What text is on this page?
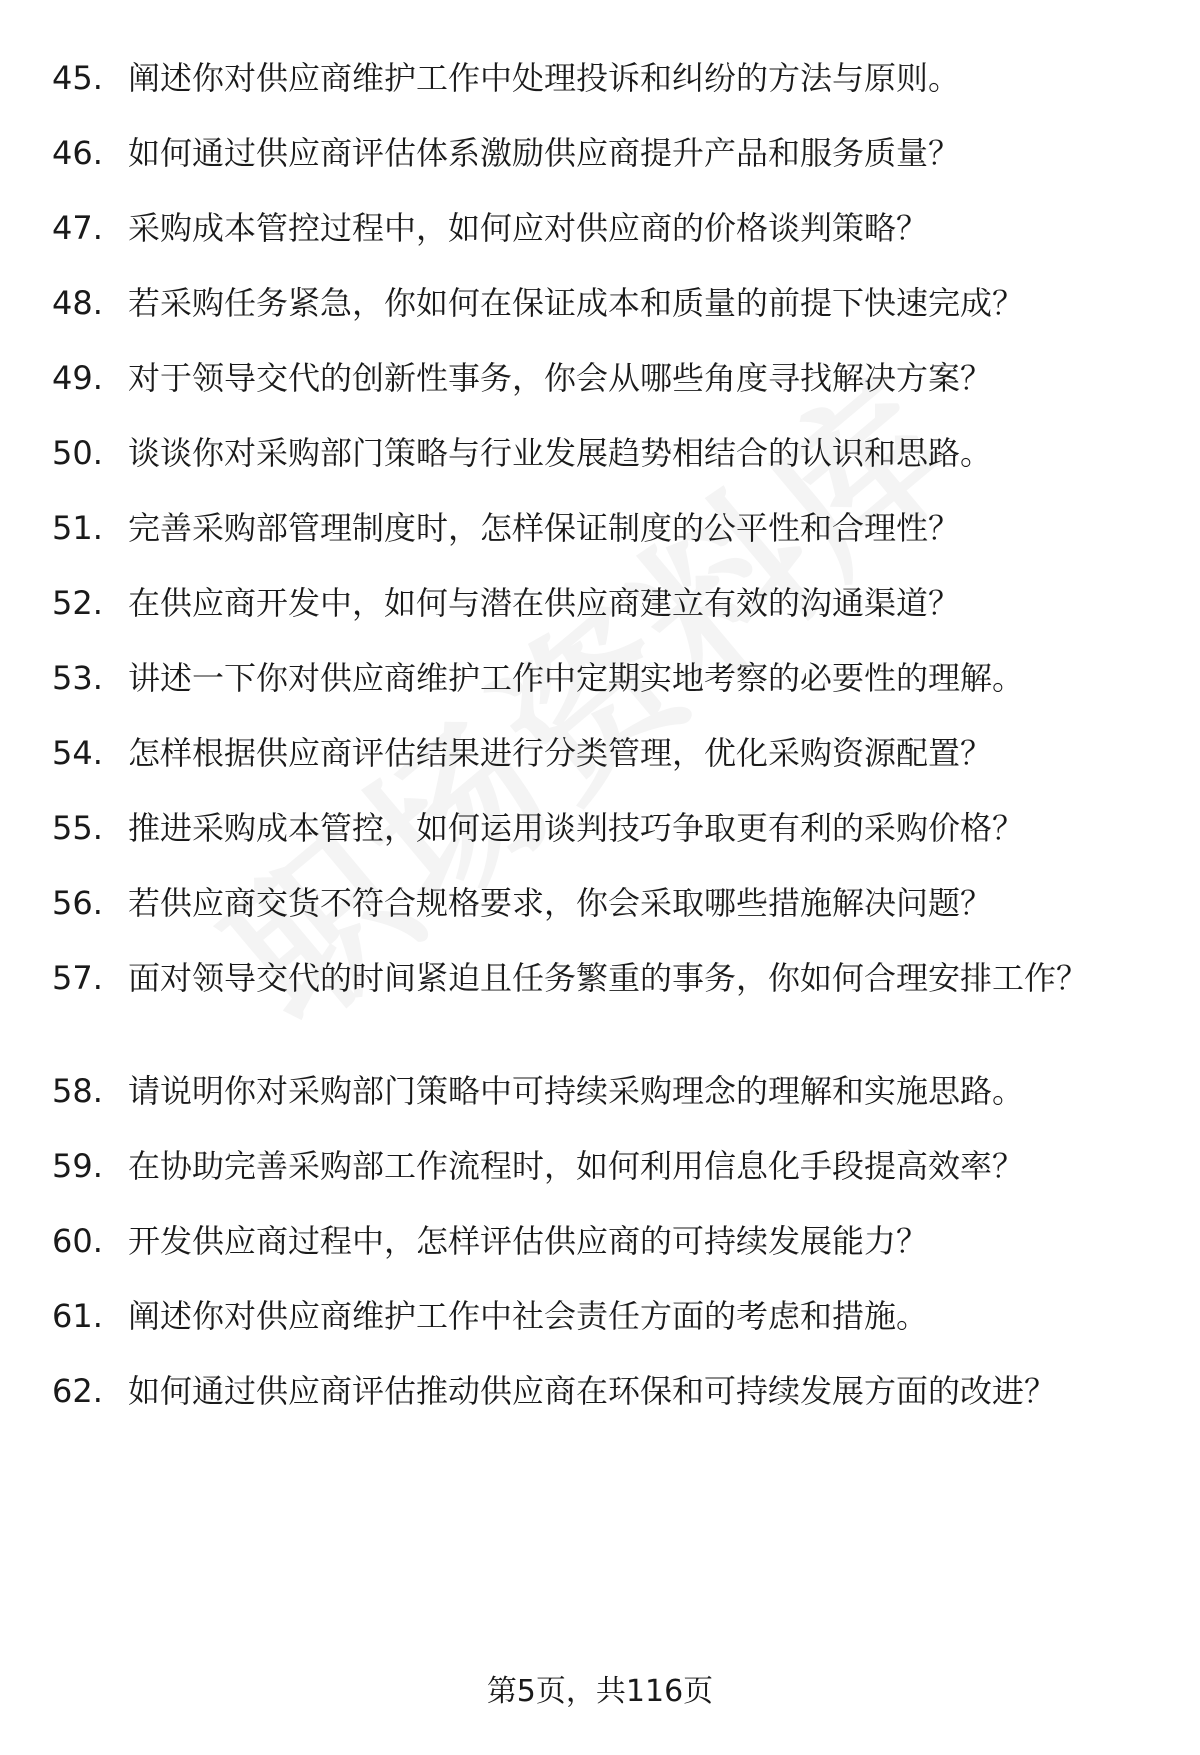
45. 阐述你对供应商维护工作中处理投诉和纠纷的方法与原则。
46. 如何通过供应商评估体系激励供应商提升产品和服务质量？
47. 采购成本管控过程中，如何应对供应商的价格谈判策略？
48. 若采购任务紧急，你如何在保证成本和质量的前提下快速完成？
49. 对于领导交代的创新性事务，你会从哪些角度寻找解决方案？
50. 谈谈你对采购部门策略与行业发展趋势相结合的认识和思路。
51. 完善采购部管理制度时，怎样保证制度的公平性和合理性？
52. 在供应商开发中，如何与潜在供应商建立有效的沟通渠道？
53. 讲述一下你对供应商维护工作中定期实地考察的必要性的理解。
54. 怎样根据供应商评估结果进行分类管理，优化采购资源配置？
55. 推进采购成本管控，如何运用谈判技巧争取更有利的采购价格？
56. 若供应商交货不符合规格要求，你会采取哪些措施解决问题？
57. 面对领导交代的时间紧迫且任务繁重的事务，你如何合理安排工作？
58. 请说明你对采购部门策略中可持续采购理念的理解和实施思路。
59. 在协助完善采购部工作流程时，如何利用信息化手段提高效率？
60. 开发供应商过程中，怎样评估供应商的可持续发展能力？
61. 阐述你对供应商维护工作中社会责任方面的考虑和措施。
62. 如何通过供应商评估推动供应商在环保和可持续发展方面的改进？
第5页，共116页
